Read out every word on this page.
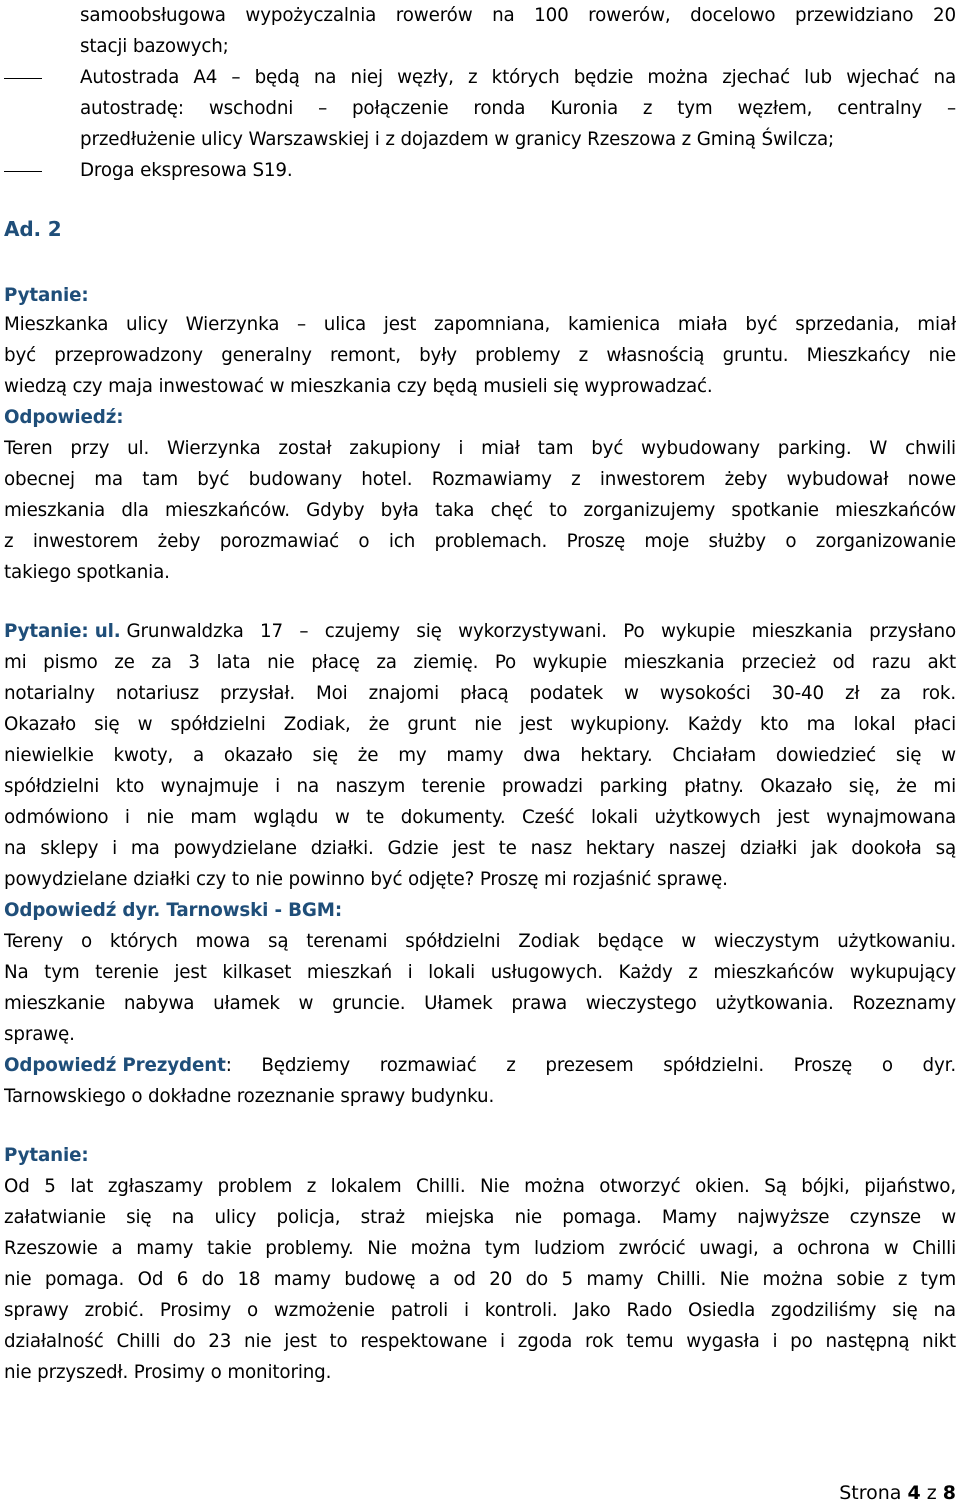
samoobsługowa wypożyczalnia rowerów na 100 rowerów, docelowo przewidziano 20
stacji bazowych;
Autostrada A4 – będą na niej węzły, z których będzie można zjechać lub wjechać na
autostradę: wschodni – połączenie ronda Kuronia z tym węzłem, centralny –
przedłużenie ulicy Warszawskiej i z dojazdem w granicy Rzeszowa z Gminą Świlcza;
Droga ekspresowa S19.
Ad. 2
Pytanie:
Mieszkanka ulicy Wierzynka – ulica jest zapomniana, kamienica miała być sprzedania, miał
być przeprowadzony generalny remont, były problemy z własnością gruntu. Mieszkańcy nie
wiedzą czy maja inwestować w mieszkania czy będą musieli się wyprowadzać.
Odpowiedź:
Teren przy ul. Wierzynka został zakupiony i miał tam być wybudowany parking. W chwili
obecnej ma tam być budowany hotel. Rozmawiamy z inwestorem żeby wybudował nowe
mieszkania dla mieszkańców. Gdyby była taka chęć to zorganizujemy spotkanie mieszkańców
z inwestorem żeby porozmawiać o ich problemach. Proszę moje służby o zorganizowanie
takiego spotkania.
Pytanie: ul. Grunwaldzka 17 – czujemy się wykorzystywani. Po wykupie mieszkania przysłano
mi pismo ze za 3 lata nie płacę za ziemię. Po wykupie mieszkania przecież od razu akt
notarialny notariusz przysłał. Moi znajomi płacą podatek w wysokości 30-40 zł za rok.
Okazało się w spółdzielni Zodiak, że grunt nie jest wykupiony. Każdy kto ma lokal płaci
niewielkie kwoty, a okazało się że my mamy dwa hektary. Chciałam dowiedzieć się w
spółdzielni kto wynajmuje i na naszym terenie prowadzi parking płatny. Okazało się, że mi
odmówiono i nie mam wglądu w te dokumenty. Cześć lokali użytkowych jest wynajmowana
na sklepy i ma powydzielane działki. Gdzie jest te nasz hektary naszej działki jak dookoła są
powydzielane działki czy to nie powinno być odjęte? Proszę mi rozjaśnić sprawę.
Odpowiedź dyr. Tarnowski - BGM:
Tereny o których mowa są terenami spółdzielni Zodiak będące w wieczystym użytkowaniu.
Na tym terenie jest kilkaset mieszkań i lokali usługowych. Każdy z mieszkańców wykupujący
mieszkanie nabywa ułamek w gruncie. Ułamek prawa wieczystego użytkowania. Rozeznamy
sprawę.
Odpowiedź Prezydent : Będziemy rozmawiać z prezesem spółdzielni. Proszę o dyr.
Tarnowskiego o dokładne rozeznanie sprawy budynku.
Pytanie:
Od 5 lat zgłaszamy problem z lokalem Chilli. Nie można otworzyć okien. Są bójki, pijaństwo,
załatwianie się na ulicy policja, straż miejska nie pomaga. Mamy najwyższe czynsze w
Rzeszowie a mamy takie problemy. Nie można tym ludziom zwrócić uwagi, a ochrona w Chilli
nie pomaga. Od 6 do 18 mamy budowę a od 20 do 5 mamy Chilli. Nie można sobie z tym
sprawy zrobić. Prosimy o wzmożenie patroli i kontroli. Jako Rado Osiedla zgodziliśmy się na
działalność Chilli do 23 nie jest to respektowane i zgoda rok temu wygasła i po następną nikt
nie przyszedł. Prosimy o monitoring.
Strona 4 z 8
